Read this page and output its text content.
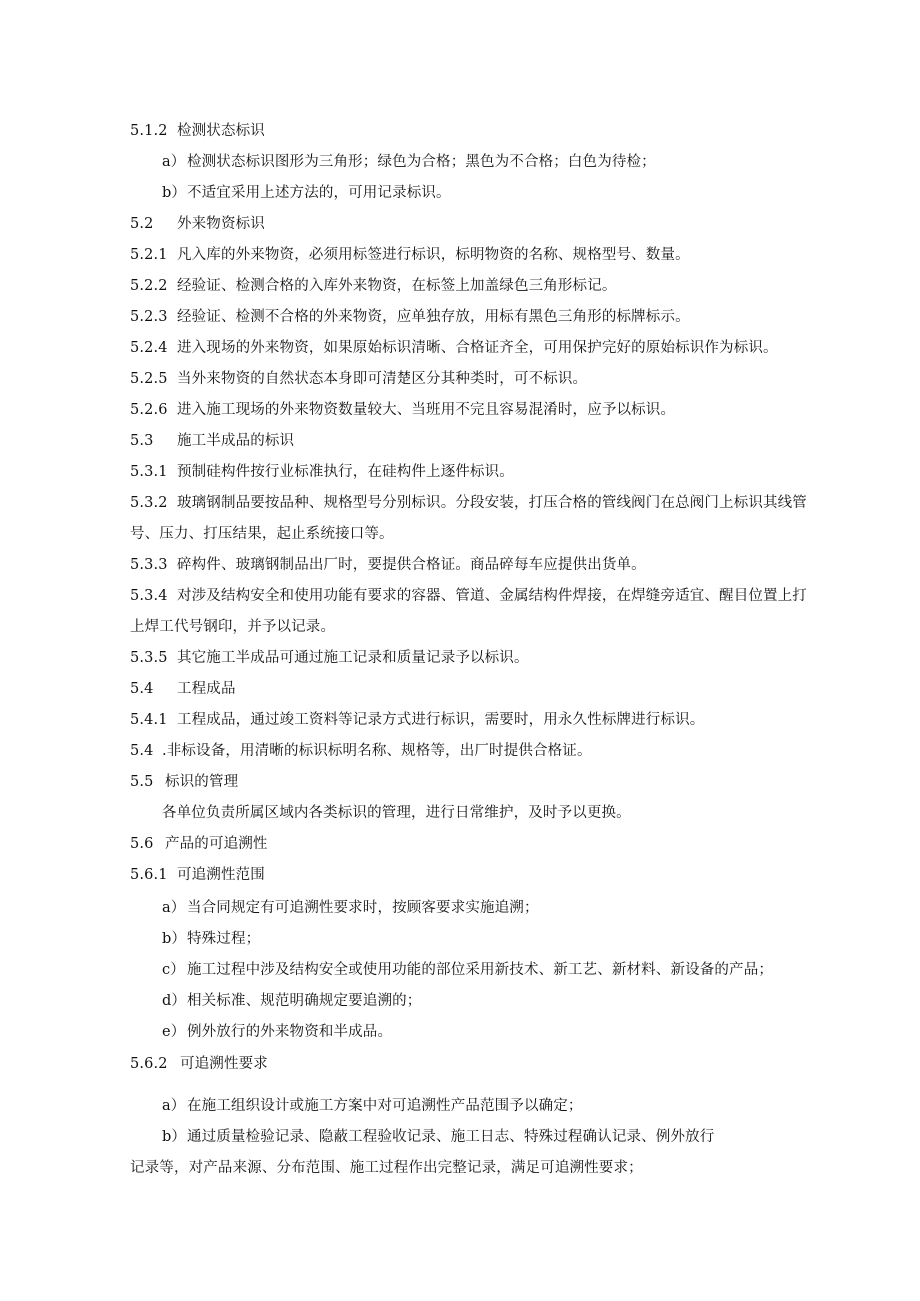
5.1.2 检测状态标识
a） 检测状态标识图形为三角形；绿色为合格；黑色为不合格；白色为待检；
b）不适宜采用上述方法的，可用记录标识。
5.2 外来物资标识
5.2.1 凡入库的外来物资，必须用标签进行标识，标明物资的名称、规格型号、数量。
5.2.2 经验证、检测合格的入库外来物资，在标签上加盖绿色三角形标记。
5.2.3 经验证、检测不合格的外来物资，应单独存放，用标有黑色三角形的标牌标示。
5.2.4 进入现场的外来物资，如果原始标识清晰、合格证齐全，可用保护完好的原始标识作为标识。
5.2.5 当外来物资的自然状态本身即可清楚区分其种类时，可不标识。
5.2.6 进入施工现场的外来物资数量较大、当班用不完且容易混淆时，应予以标识。
5.3 施工半成品的标识
5.3.1 预制硅构件按行业标准执行，在硅构件上逐件标识。
5.3.2 玻璃钢制品要按品种、规格型号分别标识。分段安装，打压合格的管线阀门在总阀门上标识其线管
号、压力、打压结果，起止系统接口等。
5.3.3 碎构件、玻璃钢制品出厂时，要提供合格证。商品碎每车应提供出货单。
5.3.4 对涉及结构安全和使用功能有要求的容器、管道、金属结构件焊接，在焊缝旁适宜、醒目位置上打
上焊工代号钢印，并予以记录。
5.3.5 其它施工半成品可通过施工记录和质量记录予以标识。
5.4 工程成品
5.4.1 工程成品，通过竣工资料等记录方式进行标识，需要时，用永久性标牌进行标识。
5.4 .非标设备，用清晰的标识标明名称、规格等，出厂时提供合格证。
5.5 标识的管理
各单位负责所属区域内各类标识的管理，进行日常维护，及时予以更换。
5.6 产品的可追溯性
5.6.1 可追溯性范围
a） 当合同规定有可追溯性要求时，按顾客要求实施追溯；
b）特殊过程；
c） 施工过程中涉及结构安全或使用功能的部位采用新技术、新工艺、新材料、新设备的产品；
d）相关标准、规范明确规定要追溯的；
e） 例外放行的外来物资和半成品。
5.6.2 可追溯性要求
a） 在施工组织设计或施工方案中对可追溯性产品范围予以确定；
b）通过质量检验记录、隐蔽工程验收记录、施工日志、特殊过程确认记录、例外放行
记录等，对产品来源、分布范围、施工过程作出完整记录，满足可追溯性要求；
